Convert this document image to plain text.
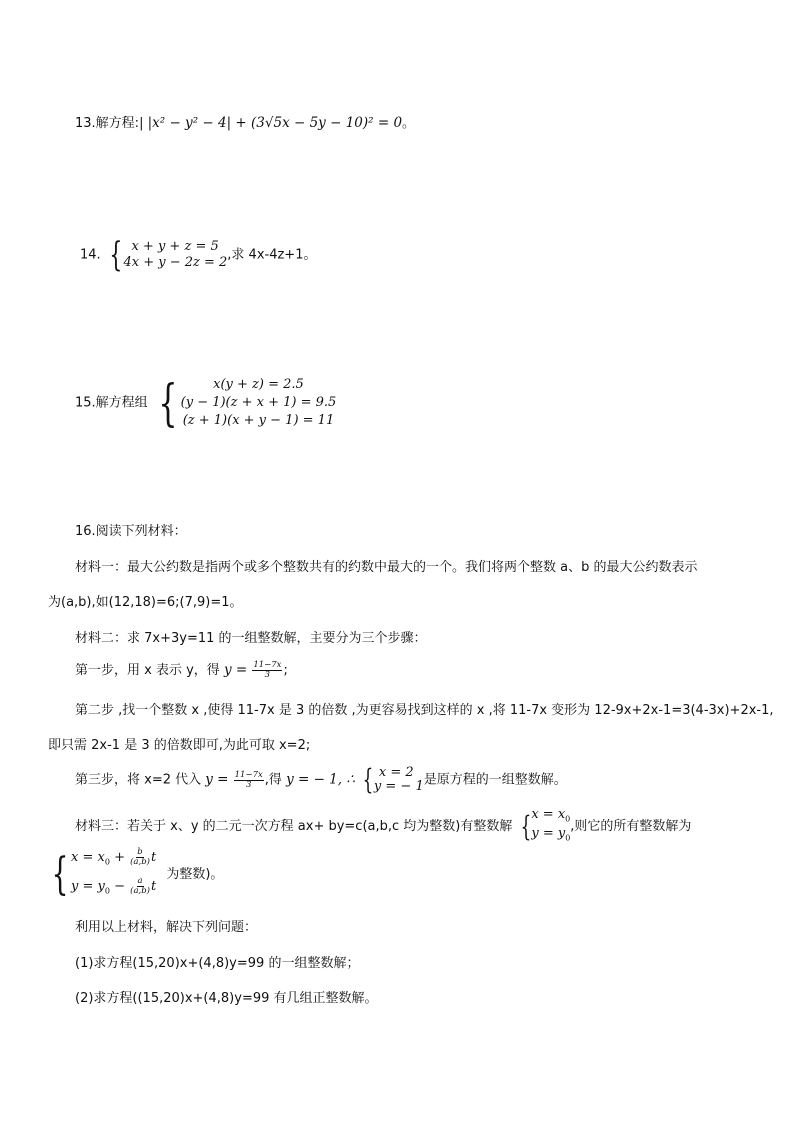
13.解方程:| |x² − y² − 4| + (3√5x − 5y − 10)² = 0。
14. { x + y + z = 5
4x + y − 2z = 2 ,求 4x-4z+1。
15.解方程组 {	x(y + z) = 2.5
(y − 1)(z + x + 1) = 9.5
(z + 1)(x + y − 1) = 11
16.阅读下列材料：
材料一：最大公约数是指两个或多个整数共有的约数中最大的一个。我们将两个整数 a、b 的最大公约数表示
为(a,b),如(12,18)=6;(7,9)=1。
材料二：求 7x+3y=11 的一组整数解，主要分为三个步骤：
第一步，用 x 表示 y，得 $y = \frac{11-7x}{3}$ ;
第二步 ,找一个整数 x ,使得 11-7x 是 3 的倍数 ,为更容易找到这样的 x ,将 11-7x 变形为 12-9x+2x-1=3(4-3x)+2x-1,
即只需 2x-1 是 3 的倍数即可,为此可取 x=2;
第三步，将 x=2 代入 $y = \frac{11-7x}{3}$ ,得 y = − 1, ∴ { x = 2
y = − 1 是原方程的一组整数解。
材料三：若关于 x、y 的二元一次方程 ax+ by=c(a,b,c 均为整数)有整数解 { $x = x_0$
$y = y_0$
,则它的所有整数解为
{ $x = x_0 + \frac{b}{(a,b)}$ t
$y = y_0 - \frac{a}{(a,b)}$ t
为整数)。
利用以上材料，解决下列问题：
(1)求方程(15,20)x+(4,8)y=99 的一组整数解；
(2)求方程((15,20)x+(4,8)y=99 有几组正整数解。
